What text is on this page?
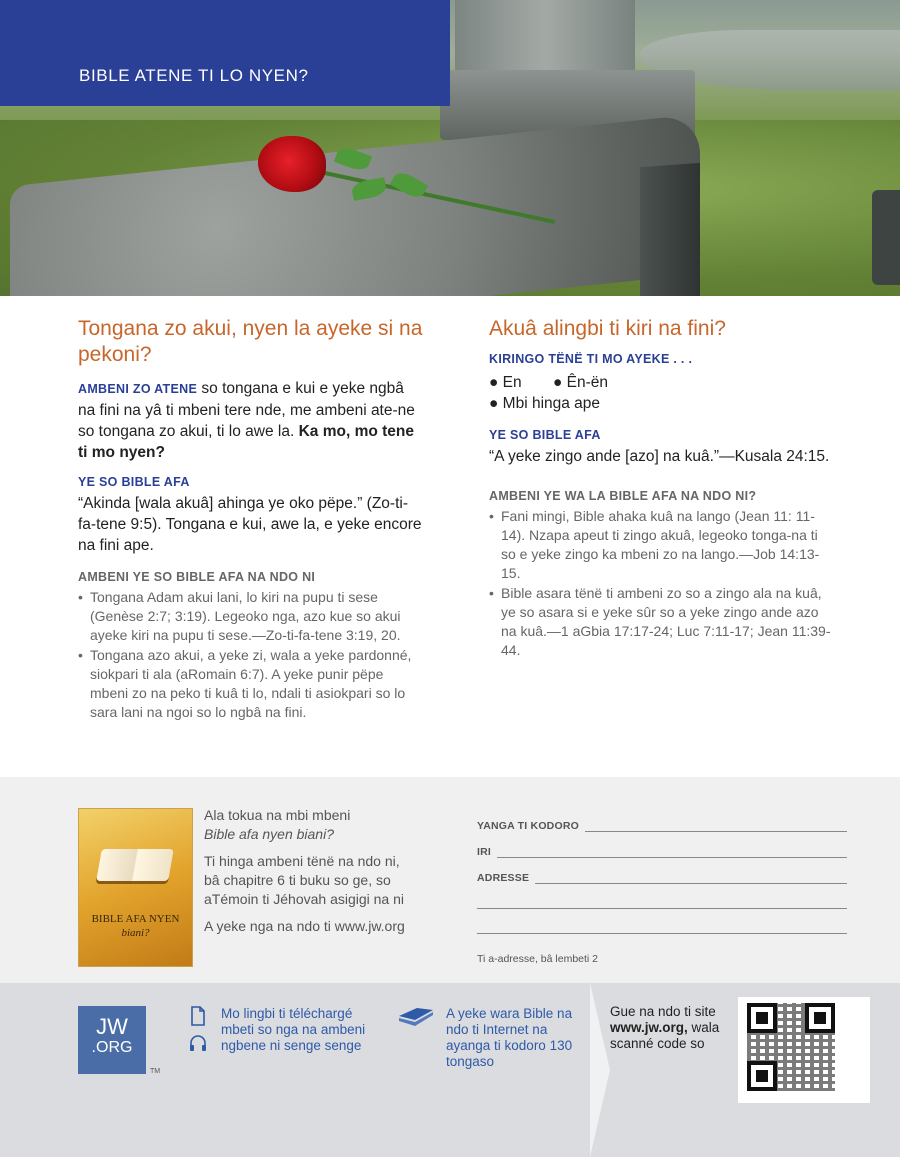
BIBLE ATENE TI LO NYEN?
Tongana zo akui, nyen la ayeke si na pekoni?

AMBENI ZO ATENE so tongana e kui e yeke ngbâ na fini na yâ ti mbeni tere nde, me ambeni ate-ne so tongana zo akui, ti lo awe la. Ka mo, mo tene ti mo nyen?

YE SO BIBLE AFA

“Akinda [wala akuâ] ahinga ye oko pëpe.” (Zo-ti-fa-tene 9:5). Tongana e kui, awe la, e yeke encore na fini ape.

AMBENI YE SO BIBLE AFA NA NDO NI
• Tongana Adam akui lani, lo kiri na pupu ti sese (Genèse 2:7; 3:19). Legeoko nga, azo kue so akui ayeke kiri na pupu ti sese.—Zo-ti-fa-tene 3:19, 20.
• Tongana azo akui, a yeke zi, wala a yeke pardonné, siokpari ti ala (aRomain 6:7). A yeke punir pëpe mbeni zo na peko ti kuâ ti lo, ndali ti asiokpari so lo sara lani na ngoi so lo ngbâ na fini.
Akuâ alingbi ti kiri na fini?
KIRINGO TËNË TI MO AYEKE . . .
● En	● Ên-ën
● Mbi hinga ape
YE SO BIBLE AFA

“A yeke zingo ande [azo] na kuâ.”—Kusala 24:15.

AMBENI YE WA LA BIBLE AFA NA NDO NI?
• Fani mingi, Bible ahaka kuâ na lango (Jean 11: 11-14). Nzapa apeut ti zingo akuâ, legeoko tonga-na ti so e yeke zingo ka mbeni zo na lango.—Job 14:13-15.
• Bible asara tënë ti ambeni zo so a zingo ala na kuâ, ye so asara si e yeke sûr so a yeke zingo ande azo na kuâ.—1 aGbia 17:17-24; Luc 7:11-17; Jean 11:39-44.
BIBLE AFA NYEN
biani?

Ala tokua na mbi mbeni
Bible afa nyen biani?

Ti hinga ambeni tënë na ndo ni, bâ chapitre 6 ti buku so ge, so aTémoin ti Jéhovah asigigi na ni

A yeke nga na ndo ti www.jw.org

YANGA TI KODORO
IRI
ADRESSE
Ti a-adresse, bâ lembeti 2
JW
.ORG
TM
Mo lingbi ti téléchargé mbeti so nga na ambeni ngbene ni senge senge
A yeke wara Bible na ndo ti Internet na ayanga ti kodoro 130 tongaso
Gue na ndo ti site www.jw.org, wala scanné code so
